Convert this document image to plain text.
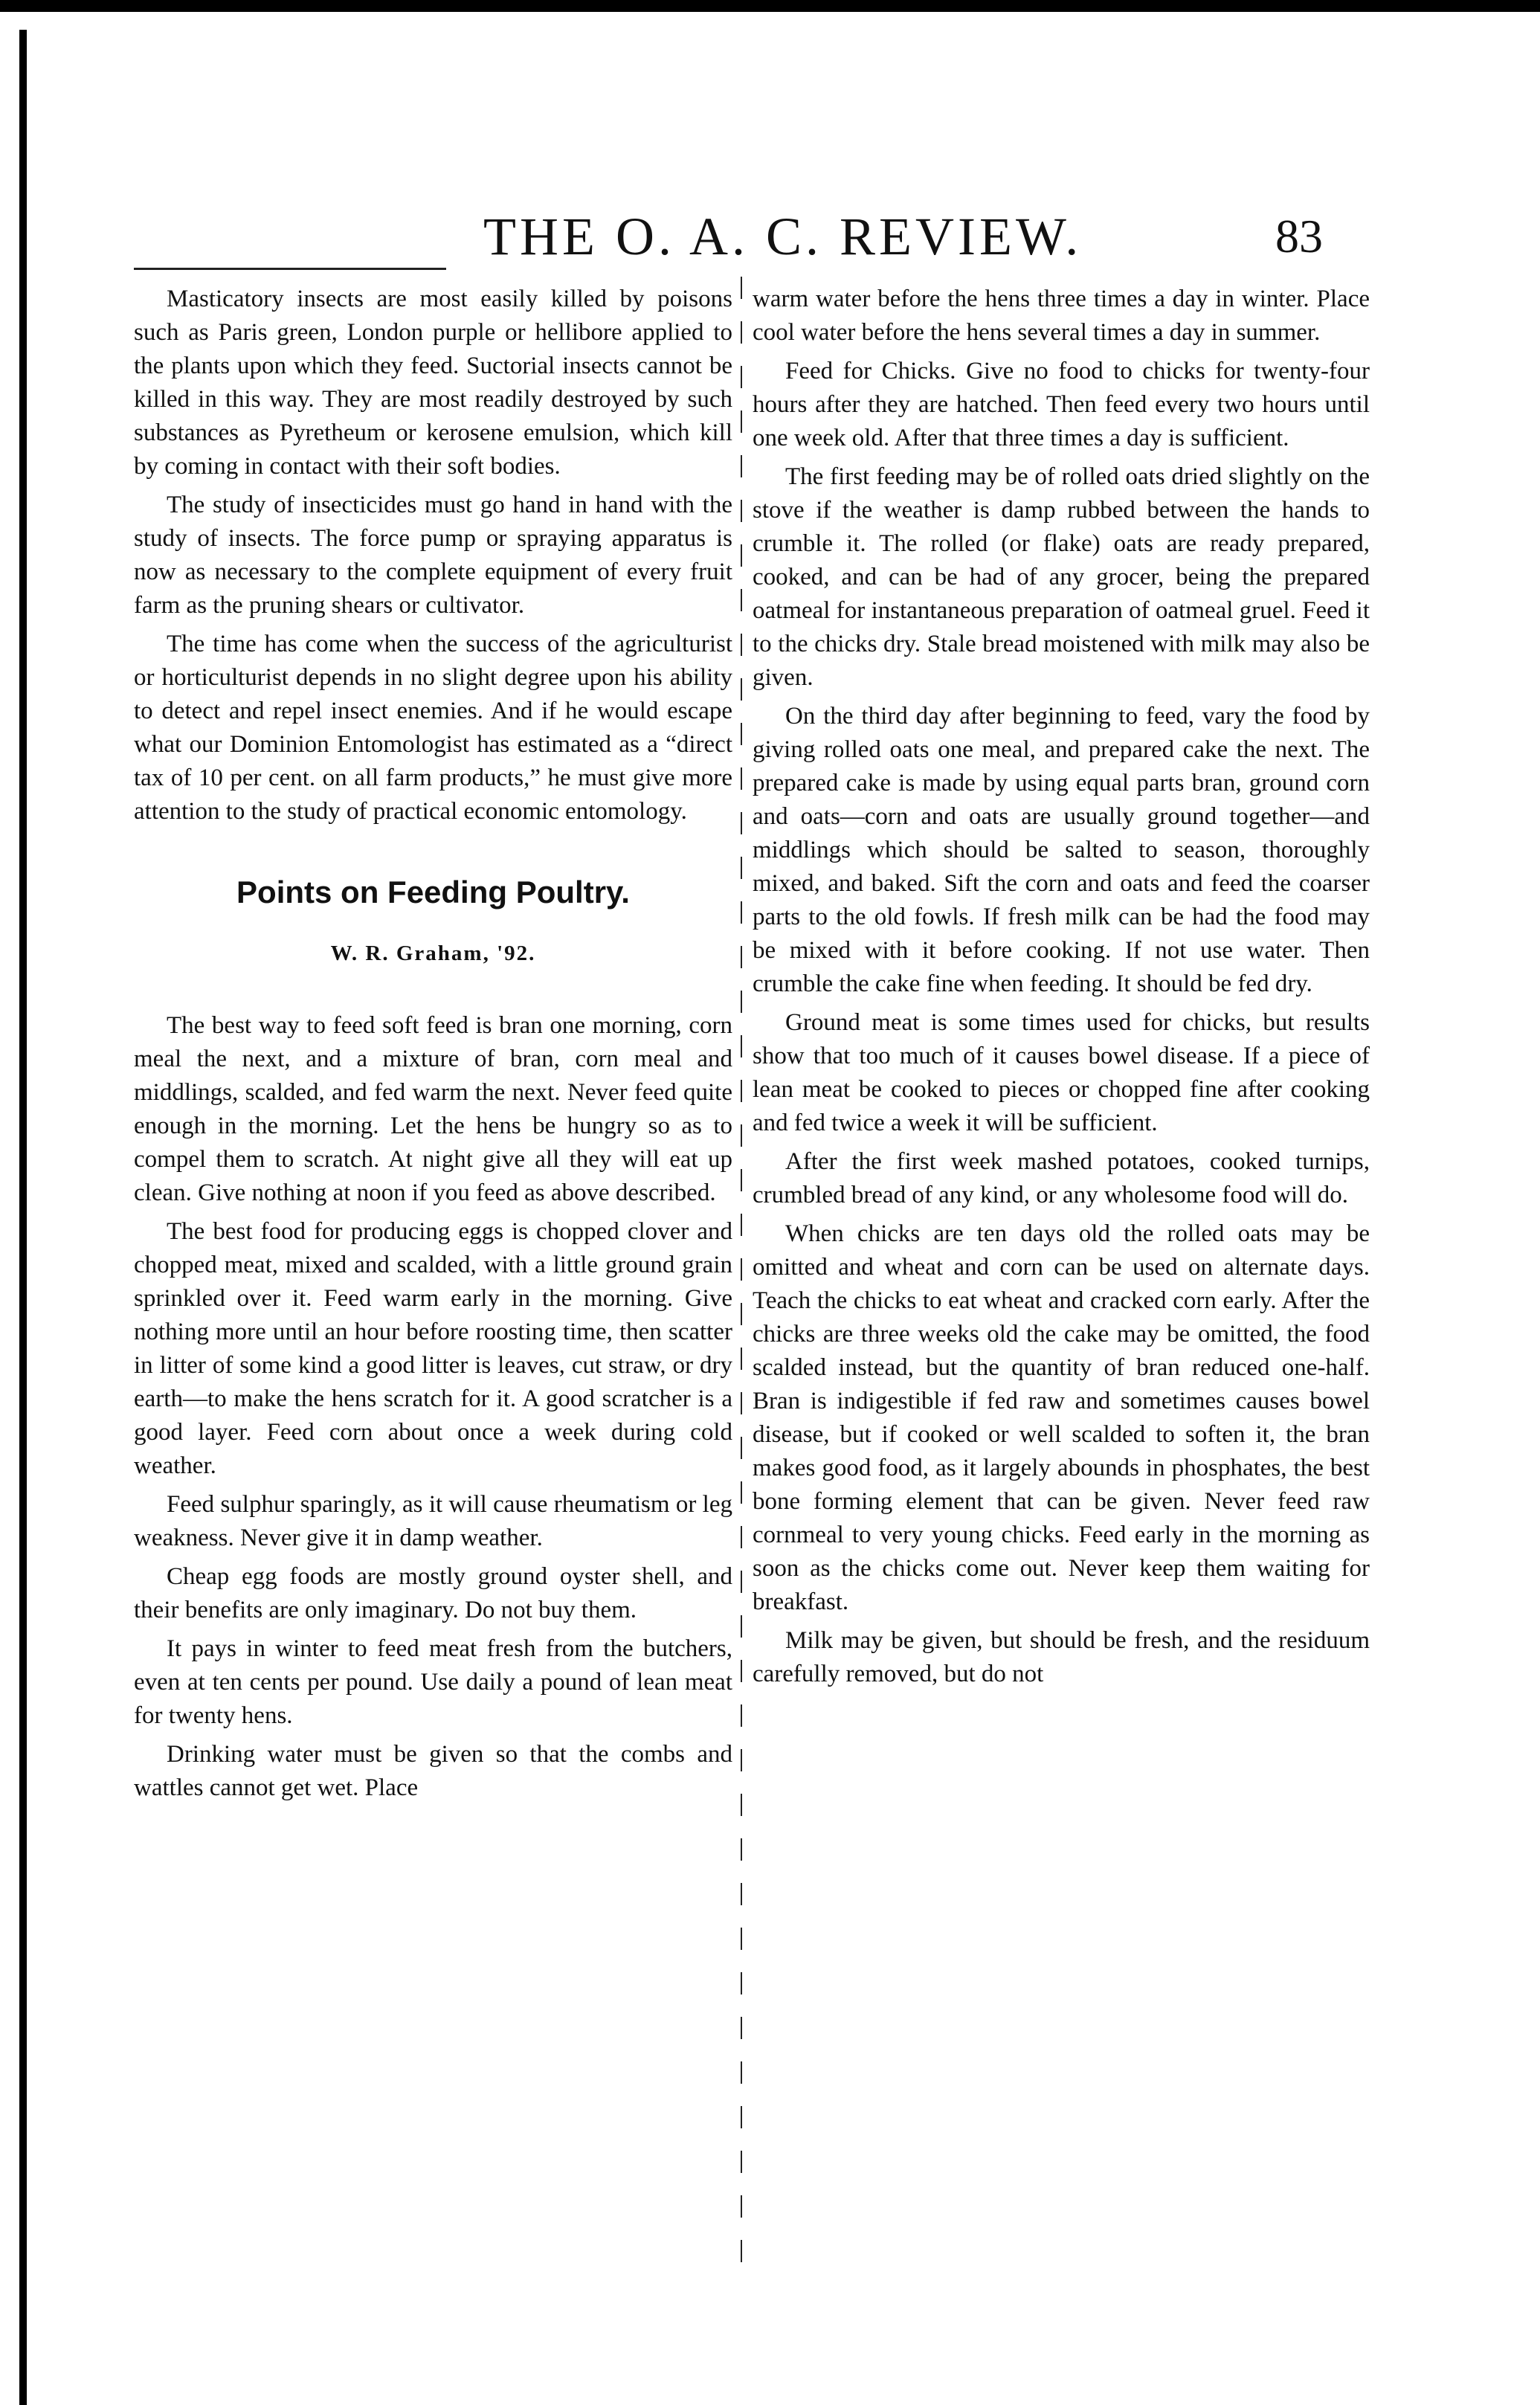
THE O. A. C. REVIEW.	83

Masticatory insects are most easily killed by poisons such as Paris green, London purple or hellibore applied to the plants upon which they feed. Suctorial insects cannot be killed in this way. They are most readily destroyed by such substances as Pyretheum or kerosene emulsion, which kill by coming in contact with their soft bodies.

The study of insecticides must go hand in hand with the study of insects. The force pump or spraying apparatus is now as necessary to the complete equipment of every fruit farm as the pruning shears or cultivator.

The time has come when the success of the agriculturist or horticulturist depends in no slight degree upon his ability to detect and repel insect enemies. And if he would escape what our Dominion Entomologist has estimated as a “direct tax of 10 per cent. on all farm products,” he must give more attention to the study of practical economic entomology.

Points on Feeding Poultry.
W. R. Graham, '92.

The best way to feed soft feed is bran one morning, corn meal the next, and a mixture of bran, corn meal and middlings, scalded, and fed warm the next. Never feed quite enough in the morning. Let the hens be hungry so as to compel them to scratch. At night give all they will eat up clean. Give nothing at noon if you feed as above described.

The best food for producing eggs is chopped clover and chopped meat, mixed and scalded, with a little ground grain sprinkled over it. Feed warm early in the morning. Give nothing more until an hour before roosting time, then scatter in litter of some kind a good litter is leaves, cut straw, or dry earth—to make the hens scratch for it. A good scratcher is a good layer. Feed corn about once a week during cold weather.

Feed sulphur sparingly, as it will cause rheumatism or leg weakness. Never give it in damp weather.

Cheap egg foods are mostly ground oyster shell, and their benefits are only imaginary. Do not buy them.

It pays in winter to feed meat fresh from the butchers, even at ten cents per pound. Use daily a pound of lean meat for twenty hens.

Drinking water must be given so that the combs and wattles cannot get wet. Place

warm water before the hens three times a day in winter. Place cool water before the hens several times a day in summer.

Feed for Chicks. Give no food to chicks for twenty-four hours after they are hatched. Then feed every two hours until one week old. After that three times a day is sufficient.

The first feeding may be of rolled oats dried slightly on the stove if the weather is damp rubbed between the hands to crumble it. The rolled (or flake) oats are ready prepared, cooked, and can be had of any grocer, being the prepared oatmeal for instantaneous preparation of oatmeal gruel. Feed it to the chicks dry. Stale bread moistened with milk may also be given.

On the third day after beginning to feed, vary the food by giving rolled oats one meal, and prepared cake the next. The prepared cake is made by using equal parts bran, ground corn and oats—corn and oats are usually ground together—and middlings which should be salted to season, thoroughly mixed, and baked. Sift the corn and oats and feed the coarser parts to the old fowls. If fresh milk can be had the food may be mixed with it before cooking. If not use water. Then crumble the cake fine when feeding. It should be fed dry.

Ground meat is some times used for chicks, but results show that too much of it causes bowel disease. If a piece of lean meat be cooked to pieces or chopped fine after cooking and fed twice a week it will be sufficient.

After the first week mashed potatoes, cooked turnips, crumbled bread of any kind, or any wholesome food will do.

When chicks are ten days old the rolled oats may be omitted and wheat and corn can be used on alternate days. Teach the chicks to eat wheat and cracked corn early. After the chicks are three weeks old the cake may be omitted, the food scalded instead, but the quantity of bran reduced one-half. Bran is indigestible if fed raw and sometimes causes bowel disease, but if cooked or well scalded to soften it, the bran makes good food, as it largely abounds in phosphates, the best bone forming element that can be given. Never feed raw cornmeal to very young chicks. Feed early in the morning as soon as the chicks come out. Never keep them waiting for breakfast.

Milk may be given, but should be fresh, and the residuum carefully removed, but do not
